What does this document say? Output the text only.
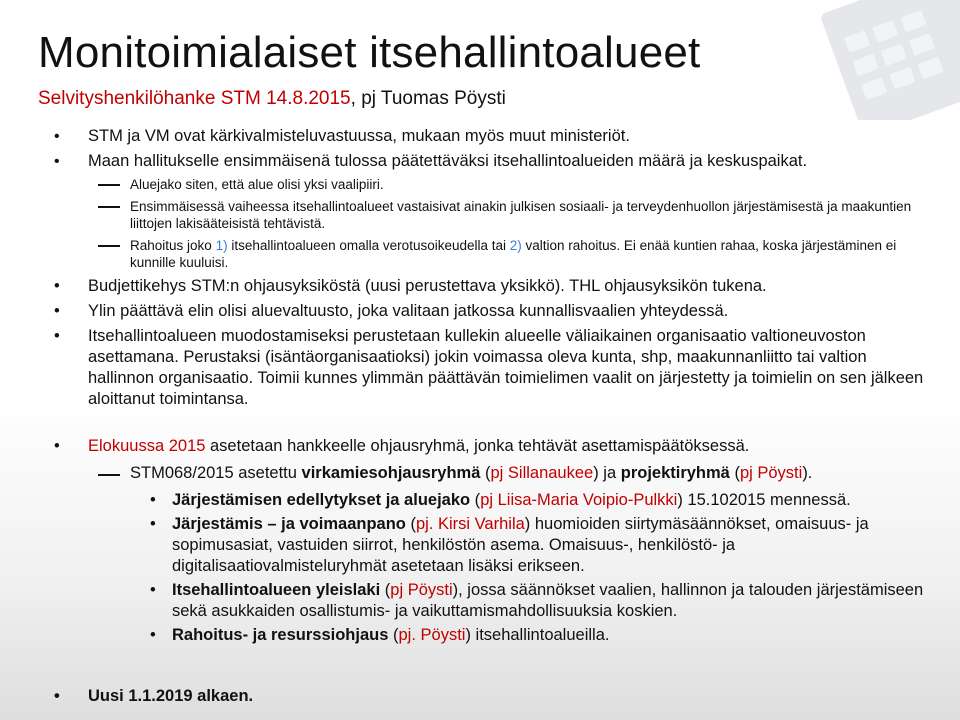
Monitoimialaiset itsehallintoalueet
Selvityshenkilöhanke STM 14.8.2015, pj Tuomas Pöysti
• STM ja VM ovat kärkivalmisteluvastuussa, mukaan myös muut ministeriöt.
• Maan hallitukselle ensimmäisenä tulossa päätettäväksi itsehallintoalueiden määrä ja keskuspaikat.
Aluejako siten, että alue olisi yksi vaalipiiri.
Ensimmäisessä vaiheessa itsehallintoalueet vastaisivat ainakin julkisen sosiaali- ja terveydenhuollon järjestämisestä ja maakuntien liittojen lakisääteisistä tehtävistä.
Rahoitus joko 1) itsehallintoalueen omalla verotusoikeudella tai 2) valtion rahoitus. Ei enää kuntien rahaa, koska järjestäminen ei kunnille kuuluisi.
• Budjettikehys STM:n ohjausyksiköstä (uusi perustettava yksikkö). THL ohjausyksikön tukena.
• Ylin päättävä elin olisi aluevaltuusto, joka valitaan jatkossa kunnallisvaalien yhteydessä.
• Itsehallintoalueen muodostamiseksi perustetaan kullekin alueelle väliaikainen organisaatio valtioneuvoston asettamana. Perustaksi (isäntäorganisaatioksi) jokin voimassa oleva kunta, shp, maakunnanliitto tai valtion hallinnon organisaatio. Toimii kunnes ylimmän päättävän toimielimen vaalit on järjestetty ja toimielin on sen jälkeen aloittanut toimintansa.
• Elokuussa 2015 asetetaan hankkeelle ohjausryhmä, jonka tehtävät asettamispäätöksessä.
STM068/2015 asetettu virkamiesohjausryhmä (pj Sillanaukee) ja projektiryhmä (pj Pöysti).
• Järjestämisen edellytykset ja aluejako (pj Liisa-Maria Voipio-Pulkki) 15.102015 mennessä.
• Järjestämis – ja voimaanpano (pj. Kirsi Varhila) huomioiden siirtymäsäännökset, omaisuus- ja sopimusasiat, vastuiden siirrot, henkilöstön asema. Omaisuus-, henkilöstö- ja digitalisaatiovalmisteluryhmät asetetaan lisäksi erikseen.
• Itsehallintoalueen yleislaki (pj Pöysti), jossa säännökset vaalien, hallinnon ja talouden järjestämiseen sekä asukkaiden osallistumis- ja vaikuttamismahdollisuuksia koskien.
• Rahoitus- ja resurssiohjaus (pj. Pöysti) itsehallintoalueilla.
• Uusi 1.1.2019 alkaen.
